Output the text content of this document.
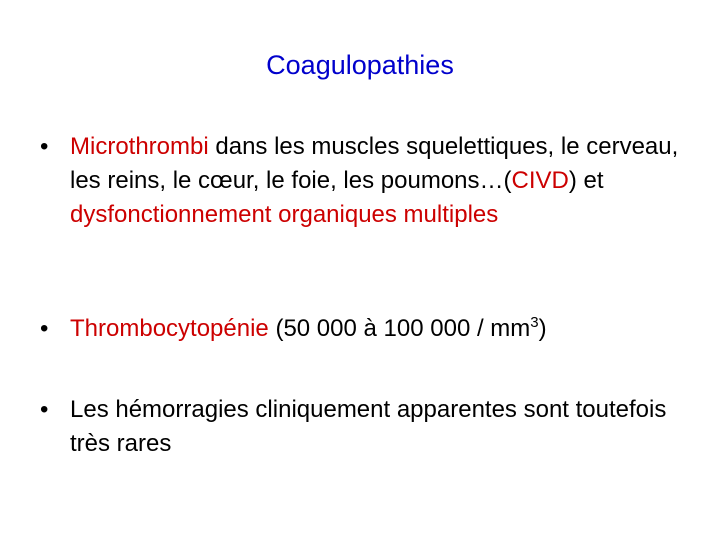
Coagulopathies
• Microthrombi dans les muscles squelettiques, le cerveau, les reins, le cœur, le foie, les poumons…(CIVD) et dysfonctionnement organiques multiples
• Thrombocytopénie (50 000 à 100 $000 / mm^3$)
• Les hémorragies cliniquement apparentes sont toutefois très rares
